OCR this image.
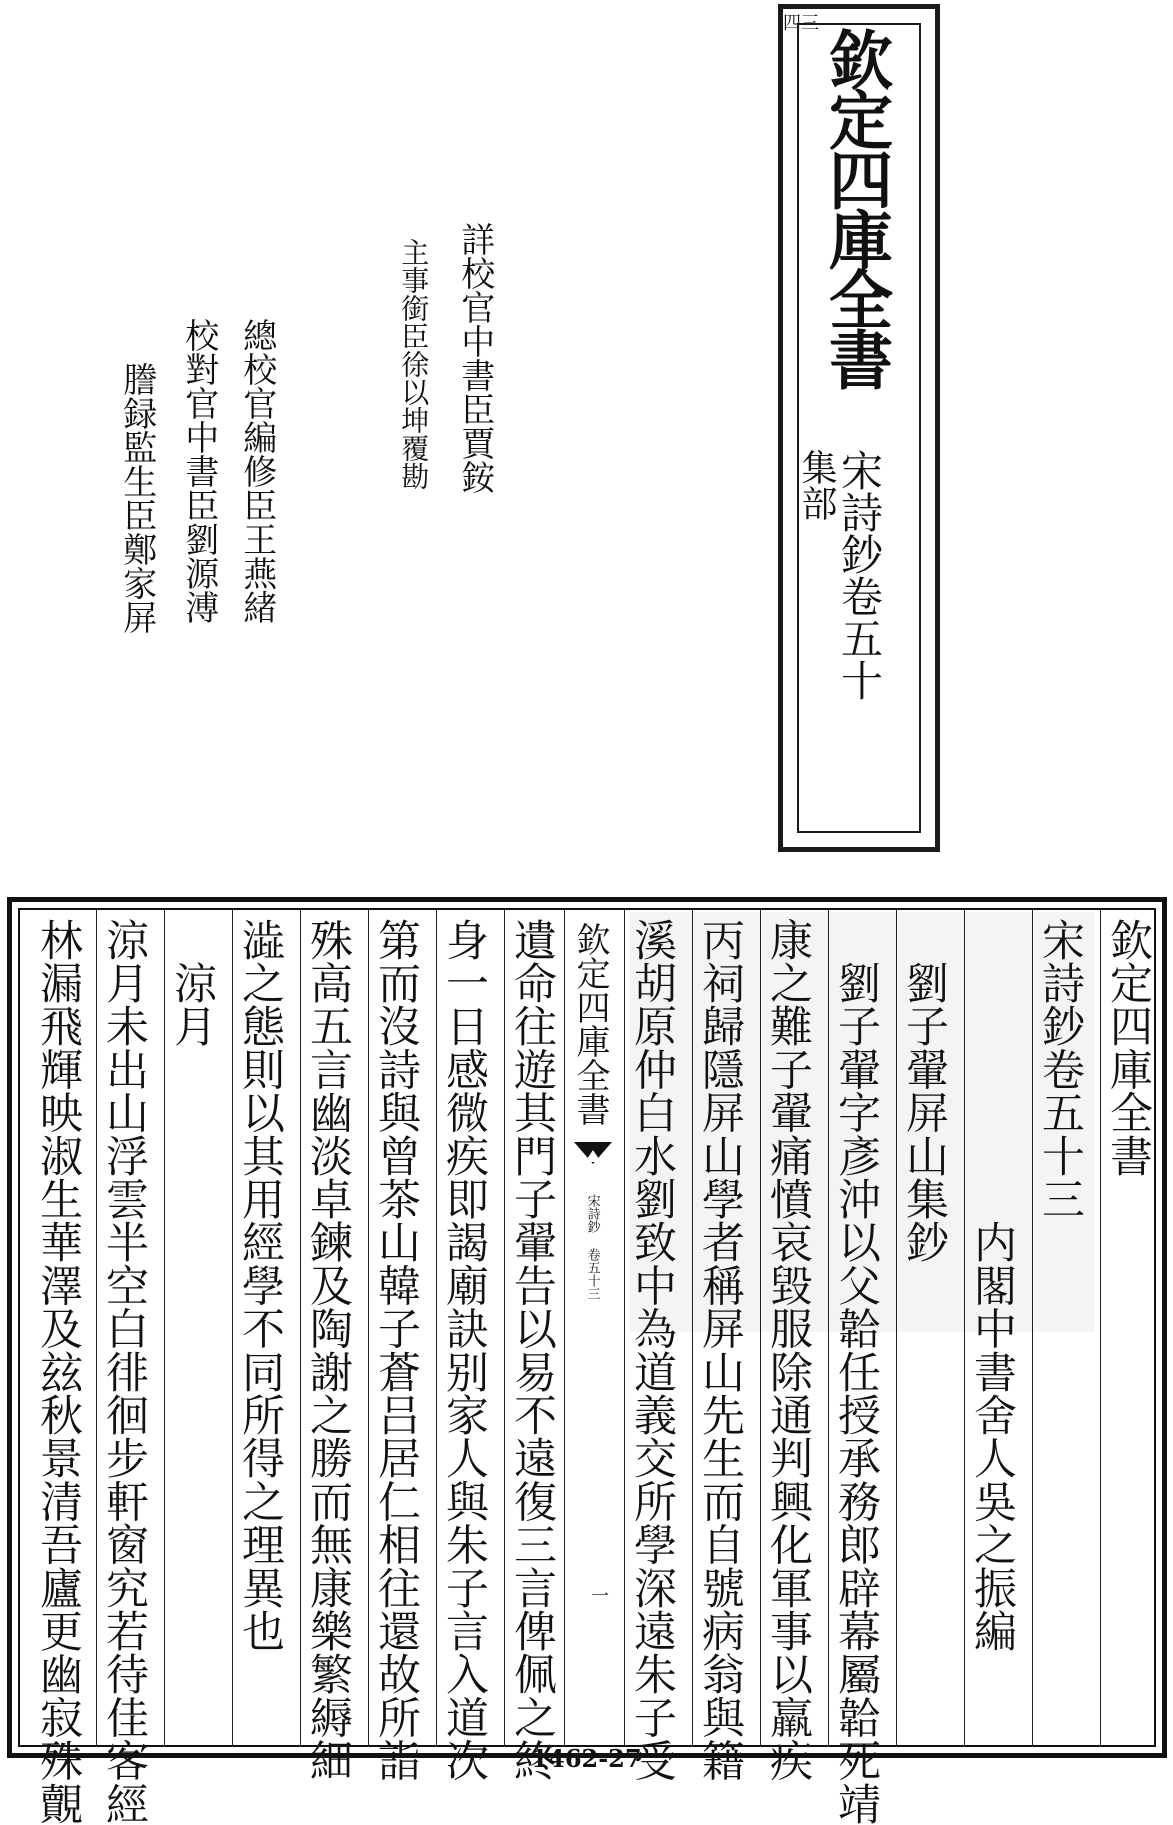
欽定四庫全書
集部
宋詩鈔卷五十
四三
詳校官中書臣賈銨
主事銜臣徐以坤覆勘
總校官編修臣王燕緒
校對官中書臣劉源溥
謄録監生臣鄭家屏
欽定四庫全書
宋詩鈔卷五十三
　　　　　　　内閣中書舍人吳之振編
　劉子翬屏山集鈔
　劉子翬字彥沖以父韐任授承務郎辟幕屬韐死靖
康之難子翬痛憤哀毀服除通判興化軍事以羸疾
丙祠歸隱屏山學者稱屏山先生而自號病翁與籍
溪胡原仲白水劉致中為道義交所學深遠朱子受
欽定四庫全書
宋詩鈔 卷五十三
一
遺命往遊其門子翬告以易不遠復三言俾佩之終
身一日感微疾即謁廟訣别家人與朱子言入道次
第而沒詩與曾茶山韓子蒼吕居仁相往還故所詣
殊高五言幽淡卓鍊及陶謝之勝而無康樂繁縟細
澁之態則以其用經學不同所得之理異也
　涼月
涼月未出山浮雲半空白徘徊步軒窗究若待佳客經
林漏飛輝映淑生華澤及玆秋景清吾廬更幽寂殊覿	1462-27
